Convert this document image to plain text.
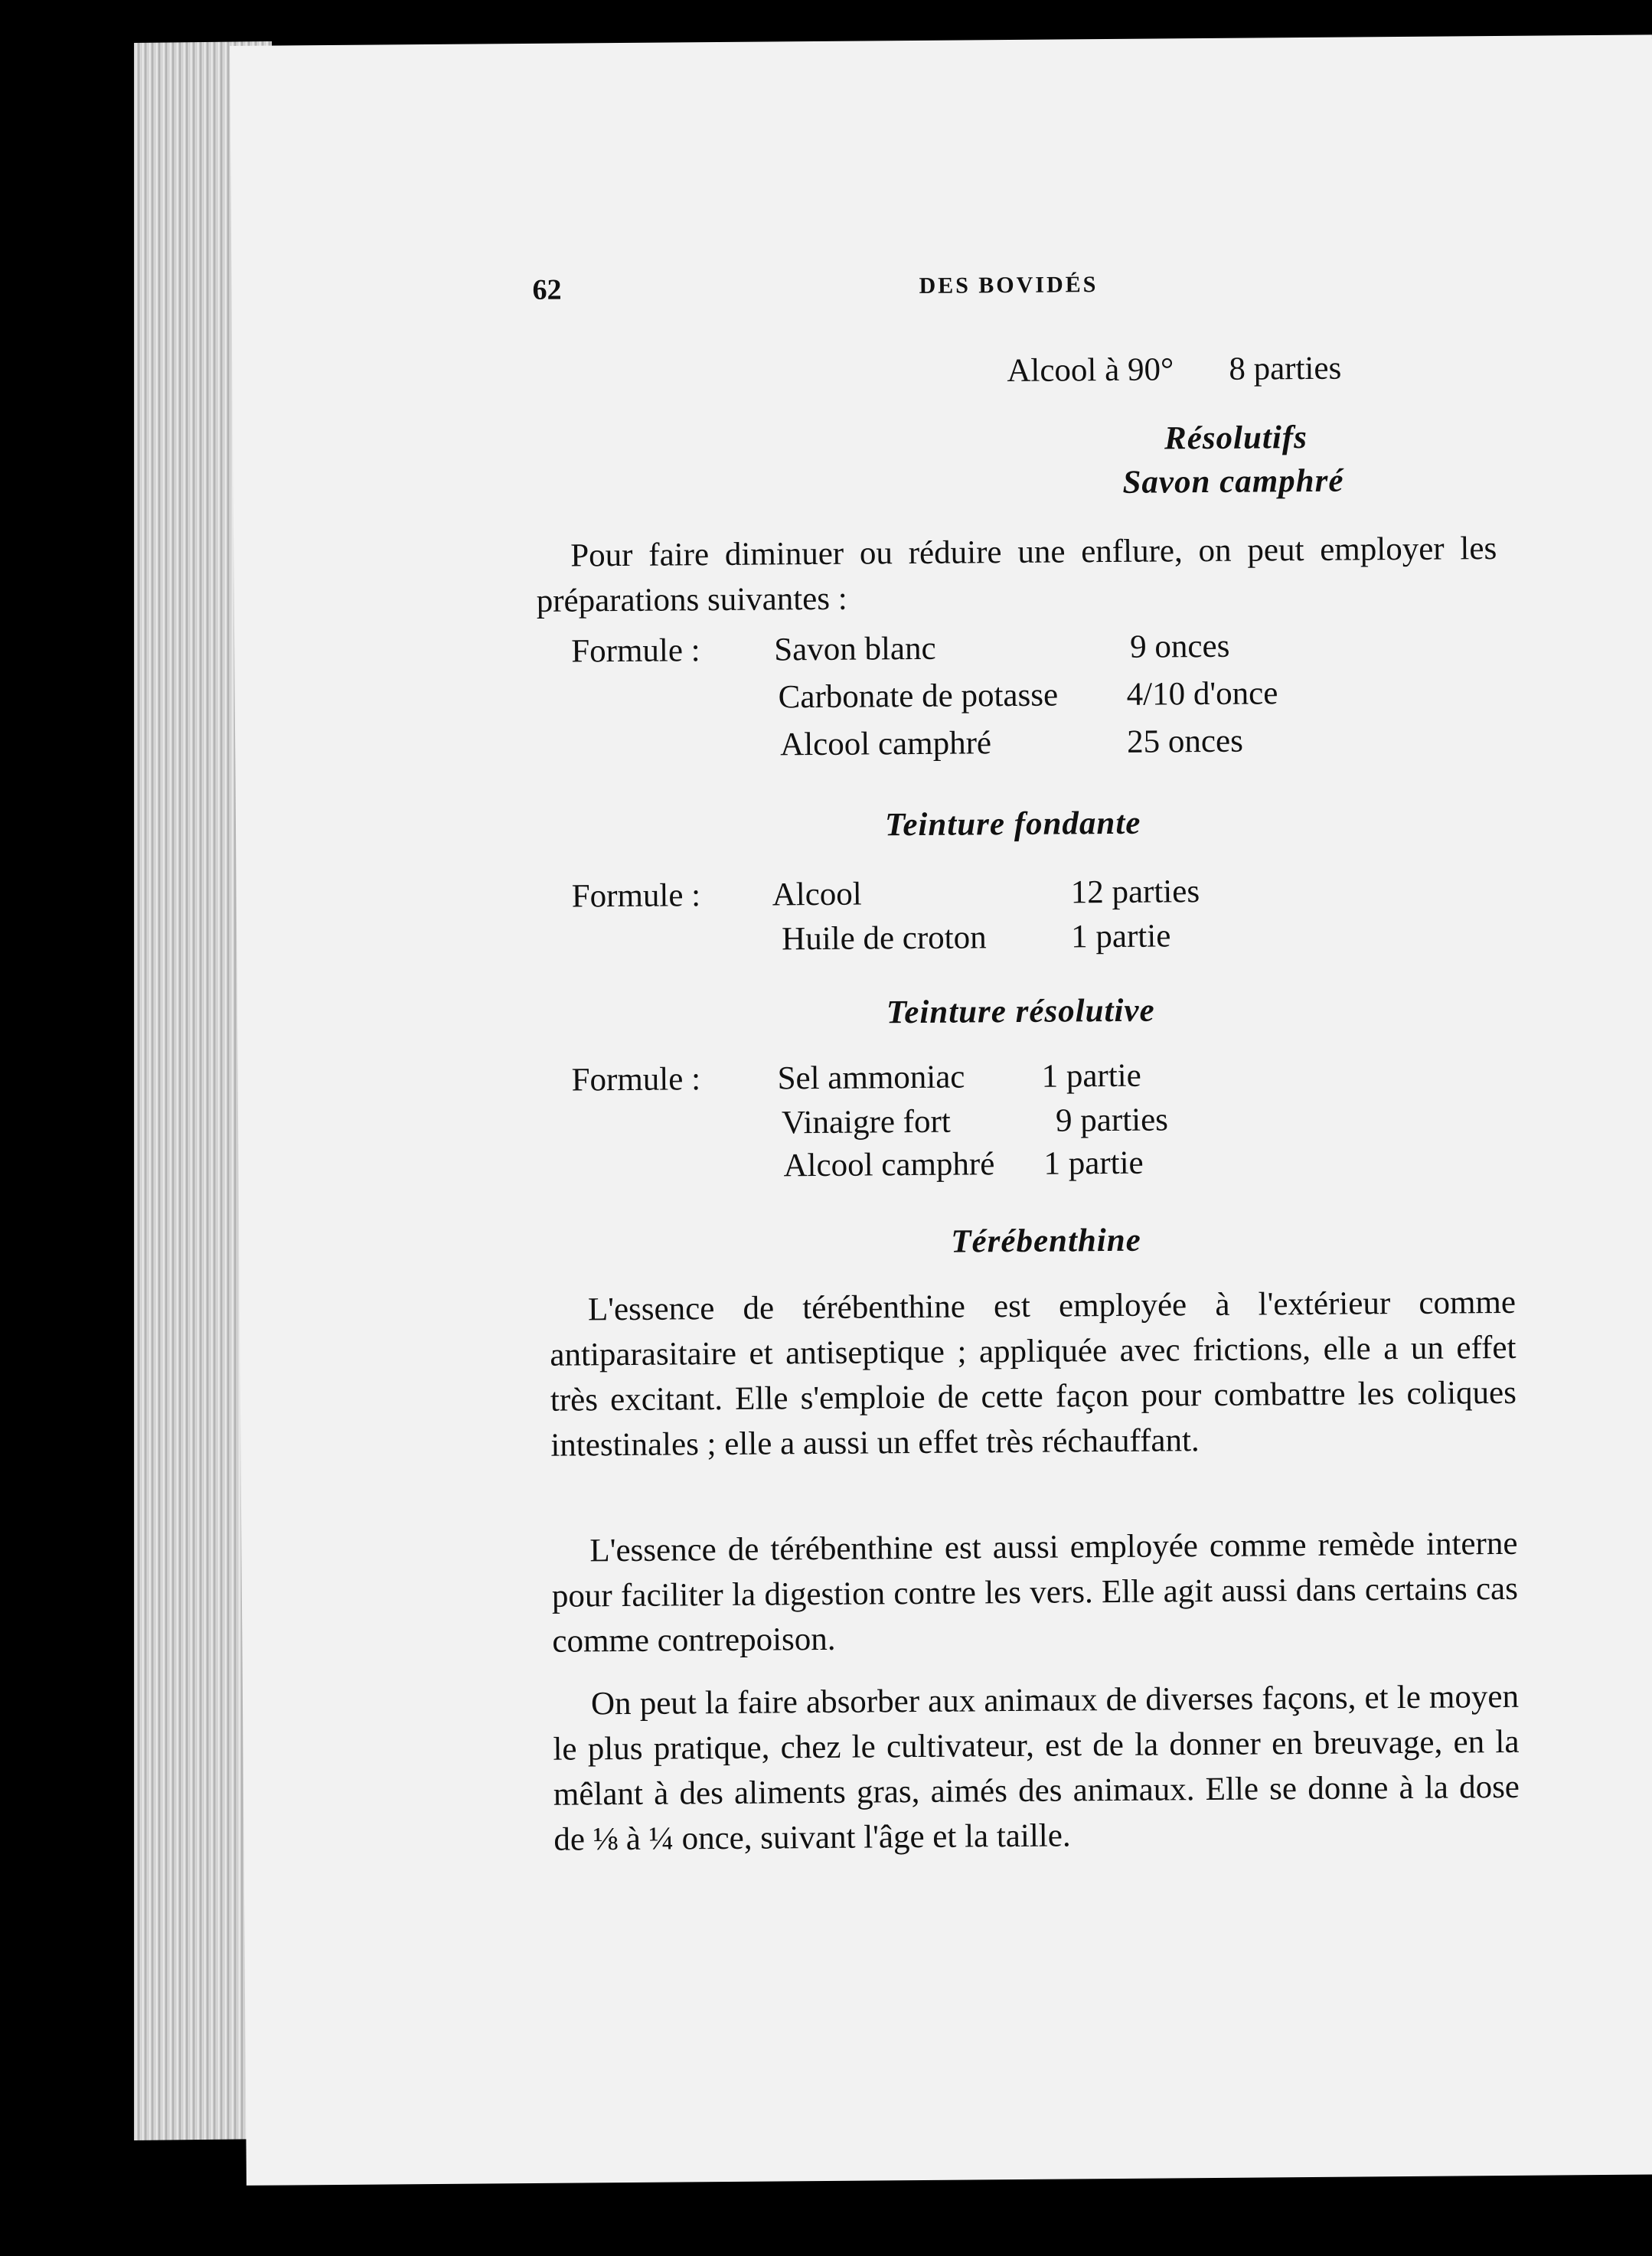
62	DES BOVIDÉS
Alcool à 90° 8 parties
Résolutifs
Savon camphré

Pour faire diminuer ou réduire une enflure, on peut employer les préparations suivantes :

Formule : Savon blanc	9 onces
Carbonate de potasse 4/10 d'once
Alcool camphré	25 onces
Teinture fondante
Formule : Alcool	12 parties
Huile de croton	1 partie
Teinture résolutive
Formule : Sel ammoniac 1 partie
Vinaigre fort	9 parties
Alcool camphré 1 partie
Térébenthine

L'essence de térébenthine est employée à l'extérieur comme antiparasitaire et antiseptique ; appliquée avec frictions, elle a un effet très excitant. Elle s'emploie de cette façon pour combattre les coliques intestinales ; elle a aussi un effet très réchauffant.

L'essence de térébenthine est aussi employée comme remède interne pour faciliter la digestion contre les vers. Elle agit aussi dans certains cas comme contrepoison.

On peut la faire absorber aux animaux de diverses façons, et le moyen le plus pratique, chez le cultivateur, est de la donner en breuvage, en la mêlant à des aliments gras, aimés des animaux. Elle se donne à la dose de ⅛ à ¼ once, suivant l'âge et la taille.
